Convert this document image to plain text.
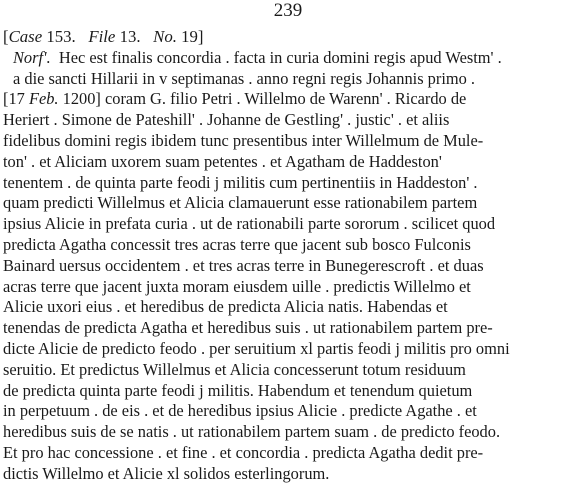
239
[Case 153. File 13. No. 19]
Norf'.  Hec est finalis concordia . facta in curia domini regis apud Westm' .
a die sancti Hillarii in v septimanas . anno regni regis Johannis primo .
[17 Feb. 1200] coram G. filio Petri . Willelmo de Warenn' . Ricardo de
Heriert . Simone de Pateshill' . Johanne de Gestling' . justic' . et aliis
fidelibus domini regis ibidem tunc presentibus inter Willelmum de Mule-
ton' . et Aliciam uxorem suam petentes . et Agatham de Haddeston'
tenentem . de quinta parte feodi j militis cum pertinentiis in Haddeston' .
quam predicti Willelmus et Alicia clamauerunt esse rationabilem partem
ipsius Alicie in prefata curia . ut de rationabili parte sororum . scilicet quod
predicta Agatha concessit tres acras terre que jacent sub bosco Fulconis
Bainard uersus occidentem . et tres acras terre in Bunegerescroft . et duas
acras terre que jacent juxta moram eiusdem uille . predictis Willelmo et
Alicie uxori eius . et heredibus de predicta Alicia natis. Habendas et
tenendas de predicta Agatha et heredibus suis . ut rationabilem partem pre-
dicte Alicie de predicto feodo . per seruitium xl partis feodi j militis pro omni
seruitio. Et predictus Willelmus et Alicia concesserunt totum residuum
de predicta quinta parte feodi j militis. Habendum et tenendum quietum
in perpetuum . de eis . et de heredibus ipsius Alicie . predicte Agathe . et
heredibus suis de se natis . ut rationabilem partem suam . de predicto feodo.
Et pro hac concessione . et fine . et concordia . predicta Agatha dedit pre-
dictis Willelmo et Alicie xl solidos esterlingorum.
